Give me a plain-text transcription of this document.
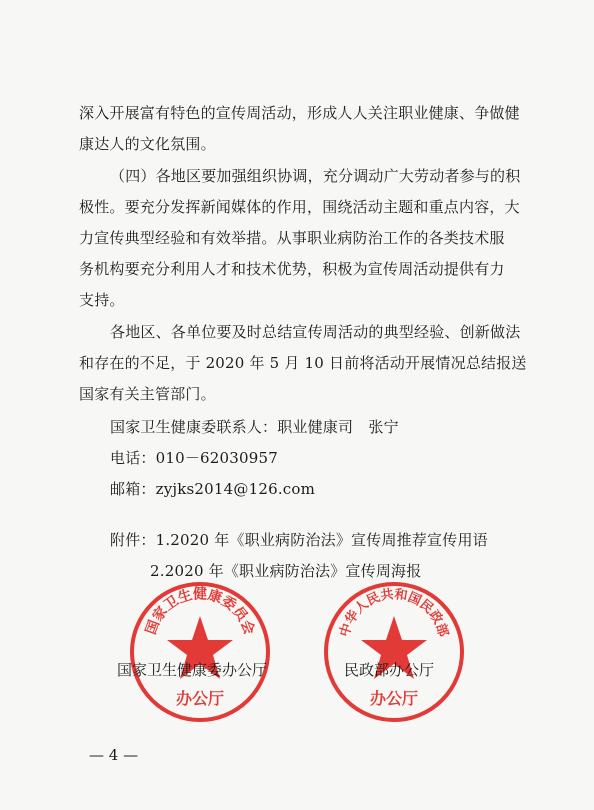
深入开展富有特色的宣传周活动，形成人人关注职业健康、争做健
康达人的文化氛围。
（四）各地区要加强组织协调，充分调动广大劳动者参与的积
极性。要充分发挥新闻媒体的作用，围绕活动主题和重点内容，大
力宣传典型经验和有效举措。从事职业病防治工作的各类技术服
务机构要充分利用人才和技术优势，积极为宣传周活动提供有力
支持。
各地区、各单位要及时总结宣传周活动的典型经验、创新做法
和存在的不足，于 2020 年 5 月 10 日前将活动开展情况总结报送
国家有关主管部门。
国家卫生健康委联系人：职业健康司　张宁
电话：010－62030957
邮箱：zyjks2014@126.com
附件：1.2020 年《职业病防治法》宣传周推荐宣传用语
2.2020 年《职业病防治法》宣传周海报
国家卫生健康委员会
办公厅
中华人民共和国民政部
办公厅
国家卫生健康委办公厅	民政部办公厅
— 4 —
